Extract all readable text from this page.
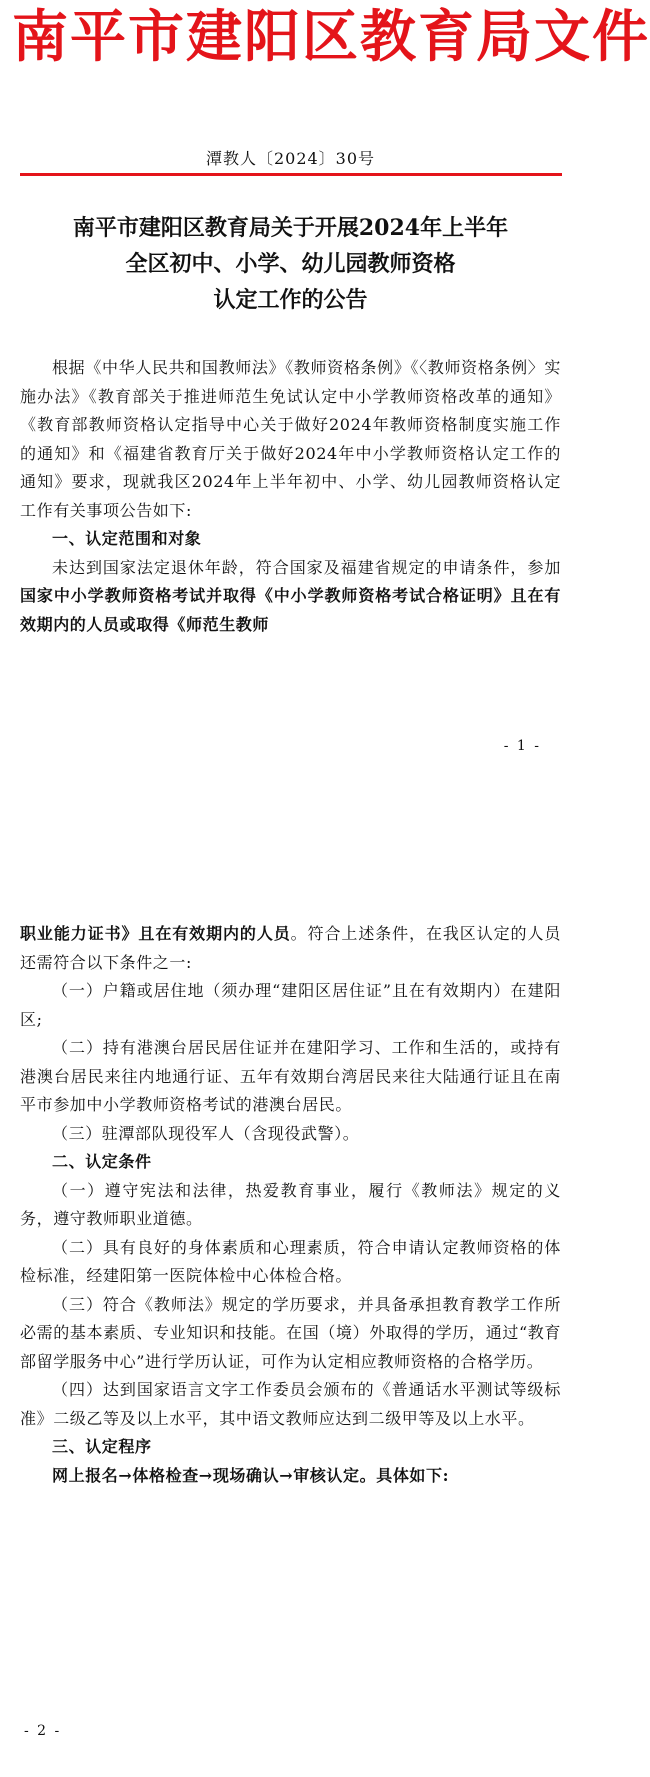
南平市建阳区教育局文件
潭教人〔2024〕30号
南平市建阳区教育局关于开展2024年上半年
全区初中、小学、幼儿园教师资格
认定工作的公告

根据《中华人民共和国教师法》《教师资格条例》《〈教师资格条例〉实施办法》《教育部关于推进师范生免试认定中小学教师资格改革的通知》《教育部教师资格认定指导中心关于做好2024年教师资格制度实施工作的通知》和《福建省教育厅关于做好2024年中小学教师资格认定工作的通知》要求，现就我区2024年上半年初中、小学、幼儿园教师资格认定工作有关事项公告如下:

一、认定范围和对象

未达到国家法定退休年龄，符合国家及福建省规定的申请条件，参加国家中小学教师资格考试并取得《中小学教师资格考试合格证明》且在有效期内的人员或取得《师范生教师

- 1 -

职业能力证书》且在有效期内的人员。符合上述条件，在我区认定的人员还需符合以下条件之一:

（一）户籍或居住地（须办理“建阳区居住证”且在有效期内）在建阳区;

（二）持有港澳台居民居住证并在建阳学习、工作和生活的，或持有港澳台居民来往内地通行证、五年有效期台湾居民来往大陆通行证且在南平市参加中小学教师资格考试的港澳台居民。

（三）驻潭部队现役军人（含现役武警）。

二、认定条件

（一）遵守宪法和法律，热爱教育事业，履行《教师法》规定的义务，遵守教师职业道德。

（二）具有良好的身体素质和心理素质，符合申请认定教师资格的体检标准，经建阳第一医院体检中心体检合格。

（三）符合《教师法》规定的学历要求，并具备承担教育教学工作所必需的基本素质、专业知识和技能。在国（境）外取得的学历，通过“教育部留学服务中心”进行学历认证，可作为认定相应教师资格的合格学历。

（四）达到国家语言文字工作委员会颁布的《普通话水平测试等级标准》二级乙等及以上水平，其中语文教师应达到二级甲等及以上水平。

三、认定程序

网上报名→体格检查→现场确认→审核认定。具体如下:

- 2 -
